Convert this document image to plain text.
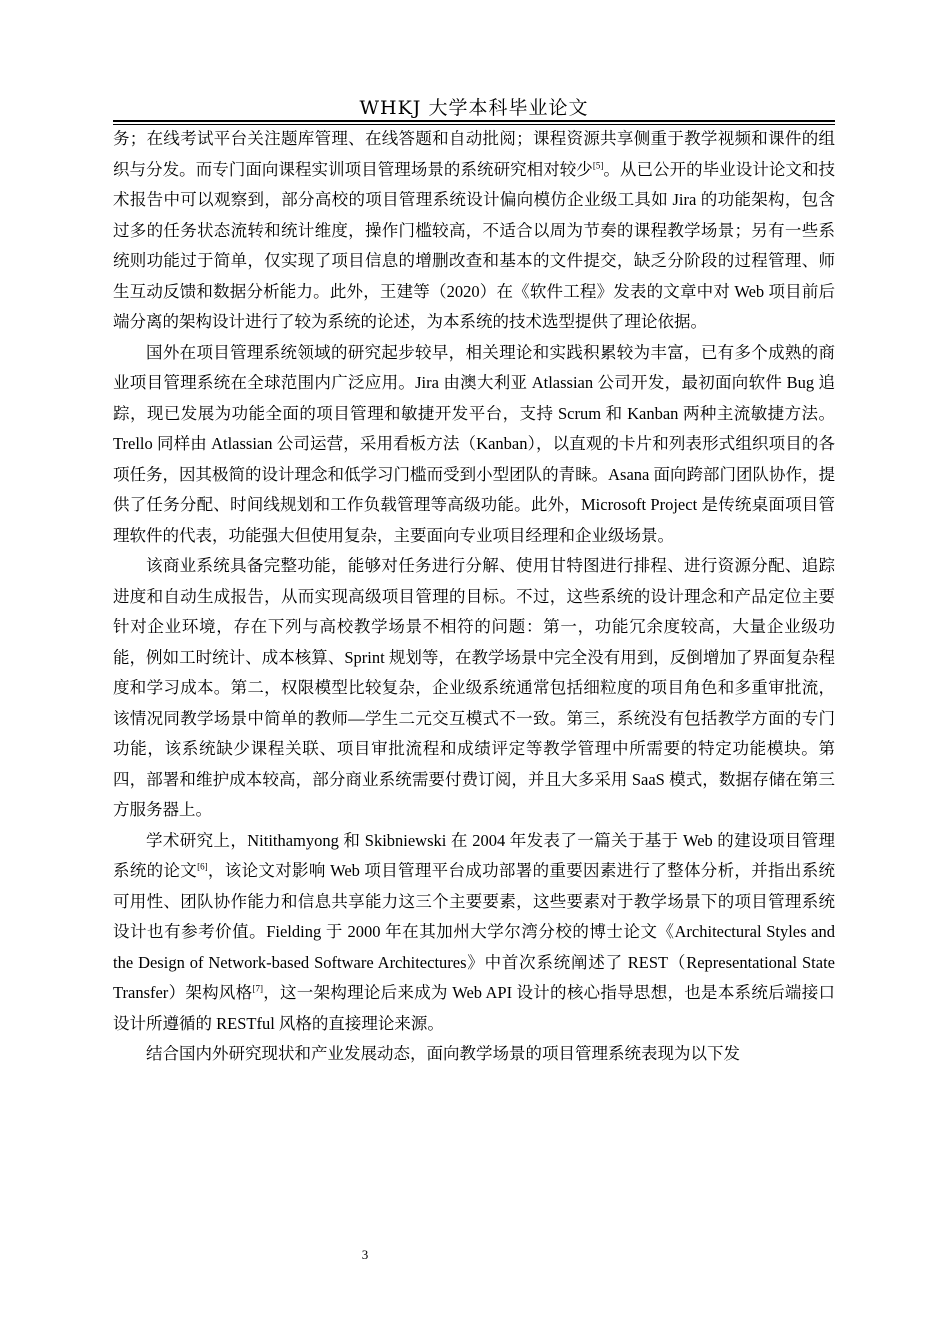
WHKJ 大学本科毕业论文

务；在线考试平台关注题库管理、在线答题和自动批阅；课程资源共享侧重于教学视频和课件的组织与分发。而专门面向课程实训项目管理场景的系统研究相对较少[5]。从已公开的毕业设计论文和技术报告中可以观察到，部分高校的项目管理系统设计偏向模仿企业级工具如 Jira 的功能架构，包含过多的任务状态流转和统计维度，操作门槛较高，不适合以周为节奏的课程教学场景；另有一些系统则功能过于简单，仅实现了项目信息的增删改查和基本的文件提交，缺乏分阶段的过程管理、师生互动反馈和数据分析能力。此外，王建等（2020）在《软件工程》发表的文章中对 Web 项目前后端分离的架构设计进行了较为系统的论述，为本系统的技术选型提供了理论依据。

国外在项目管理系统领域的研究起步较早，相关理论和实践积累较为丰富，已有多个成熟的商业项目管理系统在全球范围内广泛应用。Jira 由澳大利亚 Atlassian 公司开发，最初面向软件 Bug 追踪，现已发展为功能全面的项目管理和敏捷开发平台，支持 Scrum 和 Kanban 两种主流敏捷方法。Trello 同样由 Atlassian 公司运营，采用看板方法（Kanban），以直观的卡片和列表形式组织项目的各项任务，因其极简的设计理念和低学习门槛而受到小型团队的青睐。Asana 面向跨部门团队协作，提供了任务分配、时间线规划和工作负载管理等高级功能。此外，Microsoft Project 是传统桌面项目管理软件的代表，功能强大但使用复杂，主要面向专业项目经理和企业级场景。

该商业系统具备完整功能，能够对任务进行分解、使用甘特图进行排程、进行资源分配、追踪进度和自动生成报告，从而实现高级项目管理的目标。不过，这些系统的设计理念和产品定位主要针对企业环境，存在下列与高校教学场景不相符的问题：第一，功能冗余度较高，大量企业级功能，例如工时统计、成本核算、Sprint 规划等，在教学场景中完全没有用到，反倒增加了界面复杂程度和学习成本。第二，权限模型比较复杂，企业级系统通常包括细粒度的项目角色和多重审批流，该情况同教学场景中简单的教师—学生二元交互模式不一致。第三，系统没有包括教学方面的专门功能，该系统缺少课程关联、项目审批流程和成绩评定等教学管理中所需要的特定功能模块。第四，部署和维护成本较高，部分商业系统需要付费订阅，并且大多采用 SaaS 模式，数据存储在第三方服务器上。

学术研究上，Nitithamyong 和 Skibniewski 在 2004 年发表了一篇关于基于 Web 的建设项目管理系统的论文[6]，该论文对影响 Web 项目管理平台成功部署的重要因素进行了整体分析，并指出系统可用性、团队协作能力和信息共享能力这三个主要要素，这些要素对于教学场景下的项目管理系统设计也有参考价值。Fielding 于 2000 年在其加州大学尔湾分校的博士论文《Architectural Styles and the Design of Network-based Software Architectures》中首次系统阐述了 REST（Representational State Transfer）架构风格[7]，这一架构理论后来成为 Web API 设计的核心指导思想，也是本系统后端接口设计所遵循的 RESTful 风格的直接理论来源。

结合国内外研究现状和产业发展动态，面向教学场景的项目管理系统表现为以下发

3
